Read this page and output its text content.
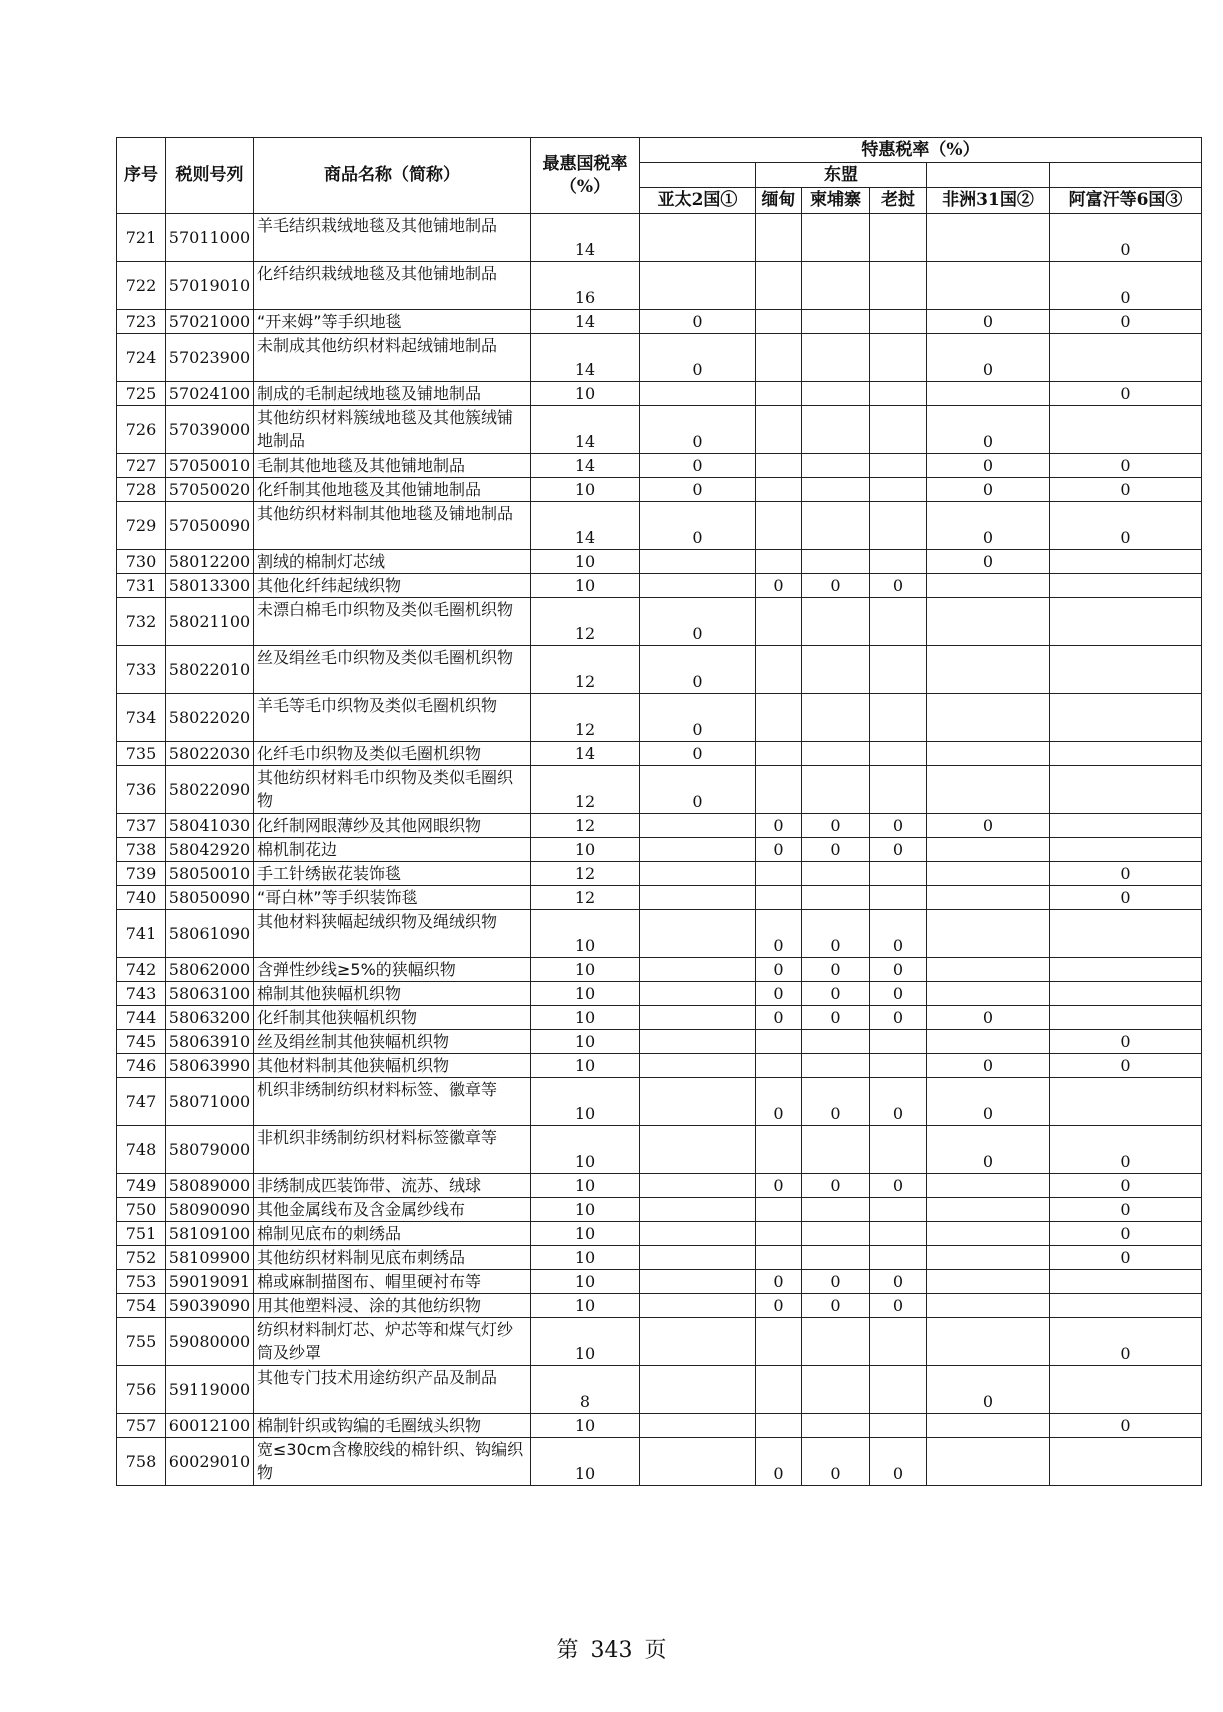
序号	税则号列	商品名称（简称）	最惠国税率（%）	特惠税率（%）					
					东盟				
				亚太2国①	缅甸	柬埔寨	老挝	非洲31国②	阿富汗等6国③
721	57011000	羊毛结织栽绒地毯及其他铺地制品	14						0
722	57019010	化纤结织栽绒地毯及其他铺地制品	16						0
723	57021000	“开来姆”等手织地毯	14	0				0	0
724	57023900	未制成其他纺织材料起绒铺地制品	14	0				0	
725	57024100	制成的毛制起绒地毯及铺地制品	10						0
726	57039000	其他纺织材料簇绒地毯及其他簇绒铺地制品	14	0				0	
727	57050010	毛制其他地毯及其他铺地制品	14	0				0	0
728	57050020	化纤制其他地毯及其他铺地制品	10	0				0	0
729	57050090	其他纺织材料制其他地毯及铺地制品	14	0				0	0
730	58012200	割绒的棉制灯芯绒	10					0	
731	58013300	其他化纤纬起绒织物	10		0	0	0		
732	58021100	未漂白棉毛巾织物及类似毛圈机织物	12	0					
733	58022010	丝及绢丝毛巾织物及类似毛圈机织物	12	0					
734	58022020	羊毛等毛巾织物及类似毛圈机织物	12	0					
735	58022030	化纤毛巾织物及类似毛圈机织物	14	0					
736	58022090	其他纺织材料毛巾织物及类似毛圈织物	12	0					
737	58041030	化纤制网眼薄纱及其他网眼织物	12		0	0	0	0	
738	58042920	棉机制花边	10		0	0	0		
739	58050010	手工针绣嵌花装饰毯	12						0
740	58050090	“哥白林”等手织装饰毯	12						0
741	58061090	其他材料狭幅起绒织物及绳绒织物	10		0	0	0		
742	58062000	含弹性纱线≥5%的狭幅织物	10		0	0	0		
743	58063100	棉制其他狭幅机织物	10		0	0	0		
744	58063200	化纤制其他狭幅机织物	10		0	0	0	0	
745	58063910	丝及绢丝制其他狭幅机织物	10						0
746	58063990	其他材料制其他狭幅机织物	10					0	0
747	58071000	机织非绣制纺织材料标签、徽章等	10		0	0	0	0	
748	58079000	非机织非绣制纺织材料标签徽章等	10					0	0
749	58089000	非绣制成匹装饰带、流苏、绒球	10		0	0	0		0
750	58090090	其他金属线布及含金属纱线布	10						0
751	58109100	棉制见底布的刺绣品	10						0
752	58109900	其他纺织材料制见底布刺绣品	10						0
753	59019091	棉或麻制描图布、帽里硬衬布等	10		0	0	0		
754	59039090	用其他塑料浸、涂的其他纺织物	10		0	0	0		
755	59080000	纺织材料制灯芯、炉芯等和煤气灯纱筒及纱罩	10						0
756	59119000	其他专门技术用途纺织产品及制品	8					0	
757	60012100	棉制针织或钩编的毛圈绒头织物	10						0
758	60029010	宽≤30cm含橡胶线的棉针织、钩编织物	10		0	0	0		
第 343 页
